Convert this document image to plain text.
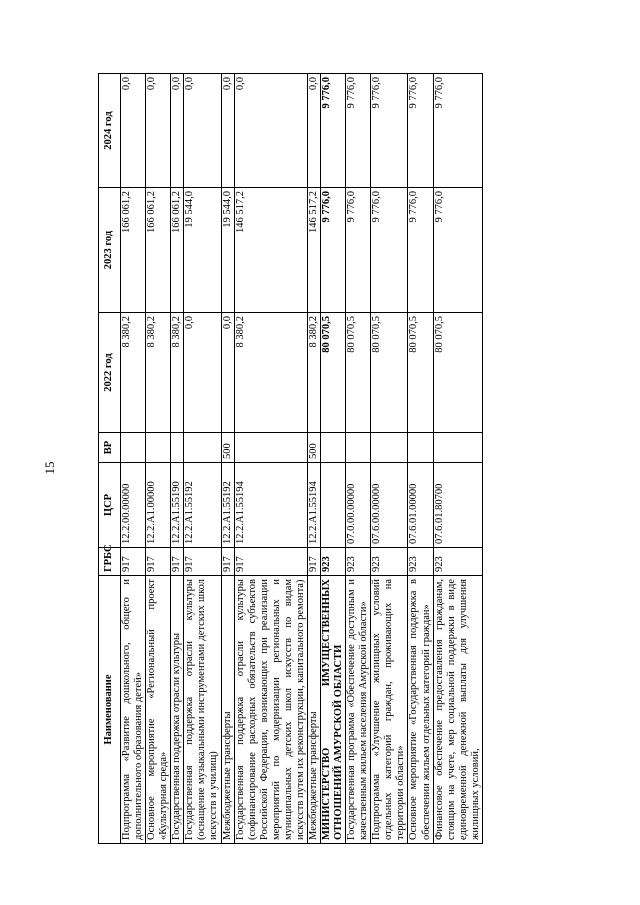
15
Наименование	ГРБС	ЦСР	ВР	2022 год	2023 год	2024 год
Подпрограмма «Развитие дошкольного, общего и дополнительного образования детей»	917	12.2.00.00000		8 380,2	166 061,2	0,0
Основное мероприятие «Региональный проект «Культурная среда»	917	12.2.A1.00000		8 380,2	166 061,2	0,0
Государственная поддержка отрасли культуры	917	12.2.A1.55190		8 380,2	166 061,2	0,0
Государственная поддержка отрасли культуры (оснащение музыкальными инструментами детских школ искусств и училищ)	917	12.2.A1.55192		0,0	19 544,0	0,0
Межбюджетные трансферты	917	12.2.A1.55192	500	0,0	19 544,0	0,0
Государственная поддержка отрасли культуры (софинансирование расходных обязательств субъектов Российской Федерации, возникающих при реализации мероприятий по модернизации региональных и муниципальных детских школ искусств по видам искусств путем их реконструкции, капитального ремонта)	917	12.2.A1.55194		8 380,2	146 517,2	0,0
Межбюджетные трансферты	917	12.2.A1.55194	500	8 380,2	146 517,2	0,0
МИНИСТЕРСТВО ИМУЩЕСТВЕННЫХ ОТНОШЕНИЙ АМУРСКОЙ ОБЛАСТИ	923			80 070,5	9 776,0	9 776,0
Государственная программа «Обеспечение доступным и качественным жильем населения Амурской области»	923	07.0.00.00000		80 070,5	9 776,0	9 776,0
Подпрограмма «Улучшение жилищных условий отдельных категорий граждан, проживающих на территории области»	923	07.6.00.00000		80 070,5	9 776,0	9 776,0
Основное мероприятие «Государственная поддержка в обеспечении жильем отдельных категорий граждан»	923	07.6.01.00000		80 070,5	9 776,0	9 776,0
Финансовое обеспечение предоставления гражданам, стоящим на учете, мер социальной поддержки в виде единовременной денежной выплаты для улучшения жилищных условий,	923	07.6.01.80700		80 070,5	9 776,0	9 776,0
